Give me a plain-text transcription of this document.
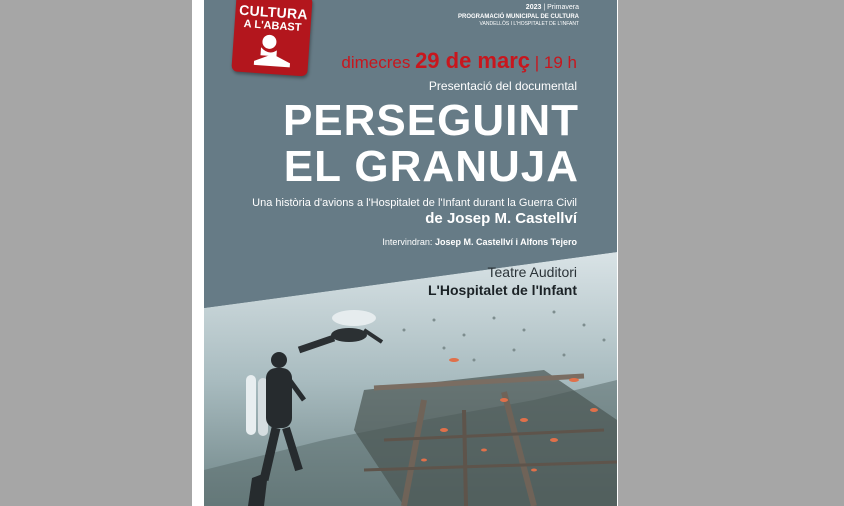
CULTURA
A L'ABAST
2023 | Primavera
PROGRAMACIÓ MUNICIPAL DE CULTURA
VANDELLÒS I L'HOSPITALET DE L'INFANT
dimecres 29 de març | 19 h
Presentació del documental
PERSEGUINT
EL GRANUJA
Una història d'avions a l'Hospitalet de l'Infant durant la Guerra Civil
de Josep M. Castellví
Intervindran: Josep M. Castellví i Alfons Tejero
Teatre Auditori
L'Hospitalet de l'Infant
